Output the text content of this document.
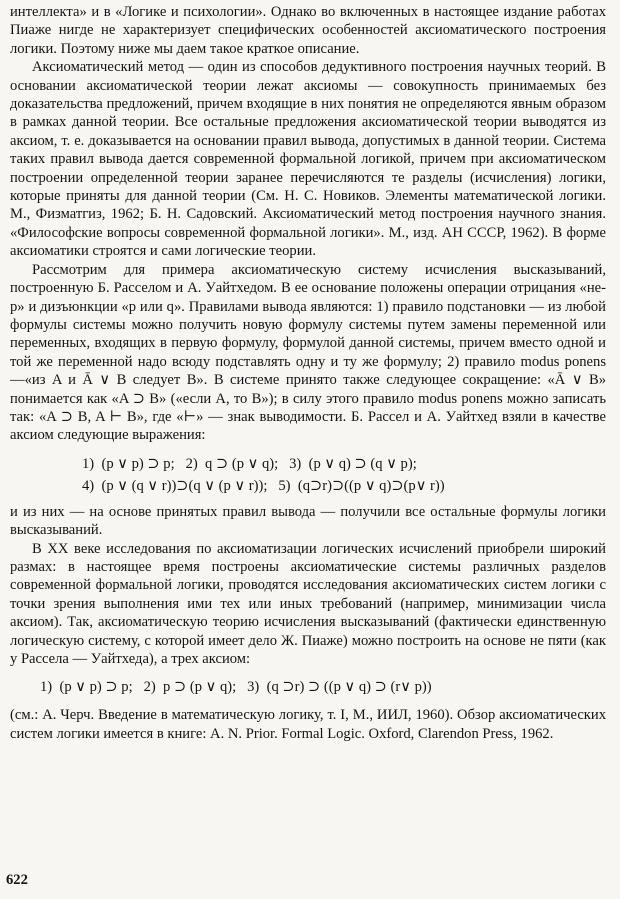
интеллекта» и в «Логике и психологии». Однако во включенных в настоящее издание работах Пиаже нигде не характеризует специфических особенностей аксиоматического построения логики. Поэтому ниже мы даем такое краткое описание.

Аксиоматический метод — один из способов дедуктивного построения научных теорий. В основании аксиоматической теории лежат аксиомы — совокупность принимаемых без доказательства предложений, причем входящие в них понятия не определяются явным образом в рамках данной теории. Все остальные предложения аксиоматической теории выводятся из аксиом, т. е. доказывается на основании правил вывода, допустимых в данной теории. Система таких правил вывода дается современной формальной логикой, причем при аксиоматическом построении определенной теории заранее перечисляются те разделы (исчисления) логики, которые приняты для данной теории (См. Н. С. Новиков. Элементы математической логики. М., Физматгиз, 1962; Б. Н. Садовский. Аксиоматический метод построения научного знания. «Философские вопросы современной формальной логики». М., изд. АН СССР, 1962). В форме аксиоматики строятся и сами логические теории.

Рассмотрим для примера аксиоматическую систему исчисления высказываний, построенную Б. Расселом и А. Уайтхедом. В ее основание положены операции отрицания «не-p» и дизъюнкции «p или q». Правилами вывода являются: 1) правило подстановки — из любой формулы системы можно получить новую формулу системы путем замены переменной или переменных, входящих в первую формулу, формулой данной системы, причем вместо одной и той же переменной надо всюду подставлять одну и ту же формулу; 2) правило modus ponens—«из A и Ā ∨ B следует B». В системе принято также следующее сокращение: «Ā ∨ B» понимается как «A ⊃ B» («если A, то B»); в силу этого правило modus ponens можно записать так: «A ⊃ B, A ⊢ B», где «⊢» — знак выводимости. Б. Рассел и А. Уайтхед взяли в качестве аксиом следующие выражения:

1)  (p ∨ p) ⊃ p;   2)  q ⊃ (p ∨ q);   3)  (p ∨ q) ⊃ (q ∨ p);
4)  (p ∨ (q ∨ r))⊃(q ∨ (p ∨ r));   5)  (q⊃r)⊃((p ∨ q)⊃(p∨ r))

и из них — на основе принятых правил вывода — получили все остальные формулы логики высказываний.

В XX веке исследования по аксиоматизации логических исчислений приобрели широкий размах: в настоящее время построены аксиоматические системы различных разделов современной формальной логики, проводятся исследования аксиоматических систем логики с точки зрения выполнения ими тех или иных требований (например, минимизации числа аксиом). Так, аксиоматическую теорию исчисления высказываний (фактически единственную логическую систему, с которой имеет дело Ж. Пиаже) можно построить на основе не пяти (как у Рассела — Уайтхеда), а трех аксиом:

1)  (p ∨ p) ⊃ p;   2)  p ⊃ (p ∨ q);   3)  (q ⊃r) ⊃ ((p ∨ q) ⊃ (r∨ p))

(см.: А. Черч. Введение в математическую логику, т. I, М., ИИЛ, 1960). Обзор аксиоматических систем логики имеется в книге: A. N. Prior. Formal Logic. Oxford, Clarendon Press, 1962.

622
